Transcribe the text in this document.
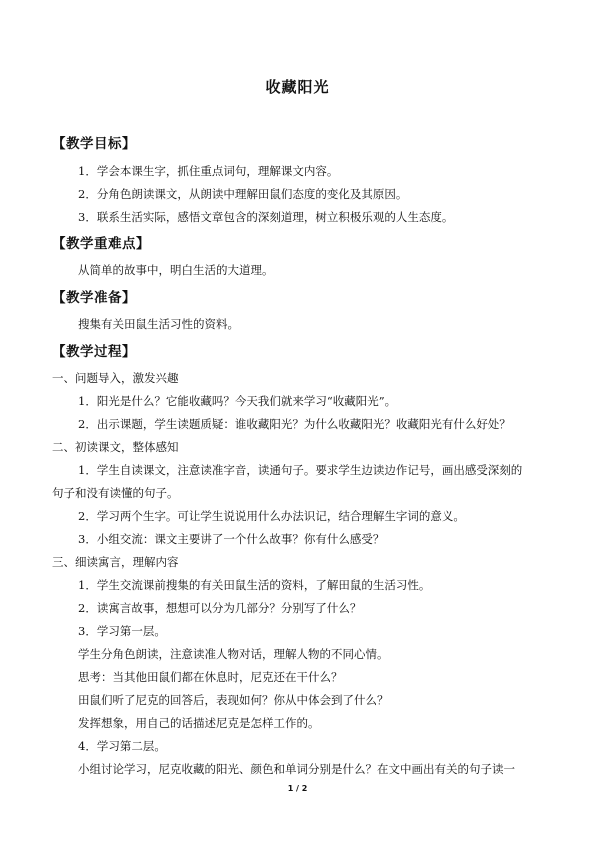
收藏阳光
【教学目标】
1．学会本课生字，抓住重点词句，理解课文内容。
2．分角色朗读课文，从朗读中理解田鼠们态度的变化及其原因。
3．联系生活实际，感悟文章包含的深刻道理，树立积极乐观的人生态度。
【教学重难点】
从简单的故事中，明白生活的大道理。
【教学准备】
搜集有关田鼠生活习性的资料。
【教学过程】
一、问题导入，激发兴趣
1．阳光是什么？它能收藏吗？今天我们就来学习“收藏阳光”。
2．出示课题，学生读题质疑：谁收藏阳光？为什么收藏阳光？收藏阳光有什么好处？
二、初读课文，整体感知
1．学生自读课文，注意读准字音，读通句子。要求学生边读边作记号，画出感受深刻的
句子和没有读懂的句子。
2．学习两个生字。可让学生说说用什么办法识记，结合理解生字词的意义。
3．小组交流：课文主要讲了一个什么故事？你有什么感受？
三、细读寓言，理解内容
1．学生交流课前搜集的有关田鼠生活的资料，了解田鼠的生活习性。
2．读寓言故事，想想可以分为几部分？分别写了什么？
3．学习第一层。
学生分角色朗读，注意读准人物对话，理解人物的不同心情。
思考：当其他田鼠们都在休息时，尼克还在干什么？
田鼠们听了尼克的回答后，表现如何？你从中体会到了什么？
发挥想象，用自己的话描述尼克是怎样工作的。
4．学习第二层。
小组讨论学习，尼克收藏的阳光、颜色和单词分别是什么？在文中画出有关的句子读一
1 / 2
